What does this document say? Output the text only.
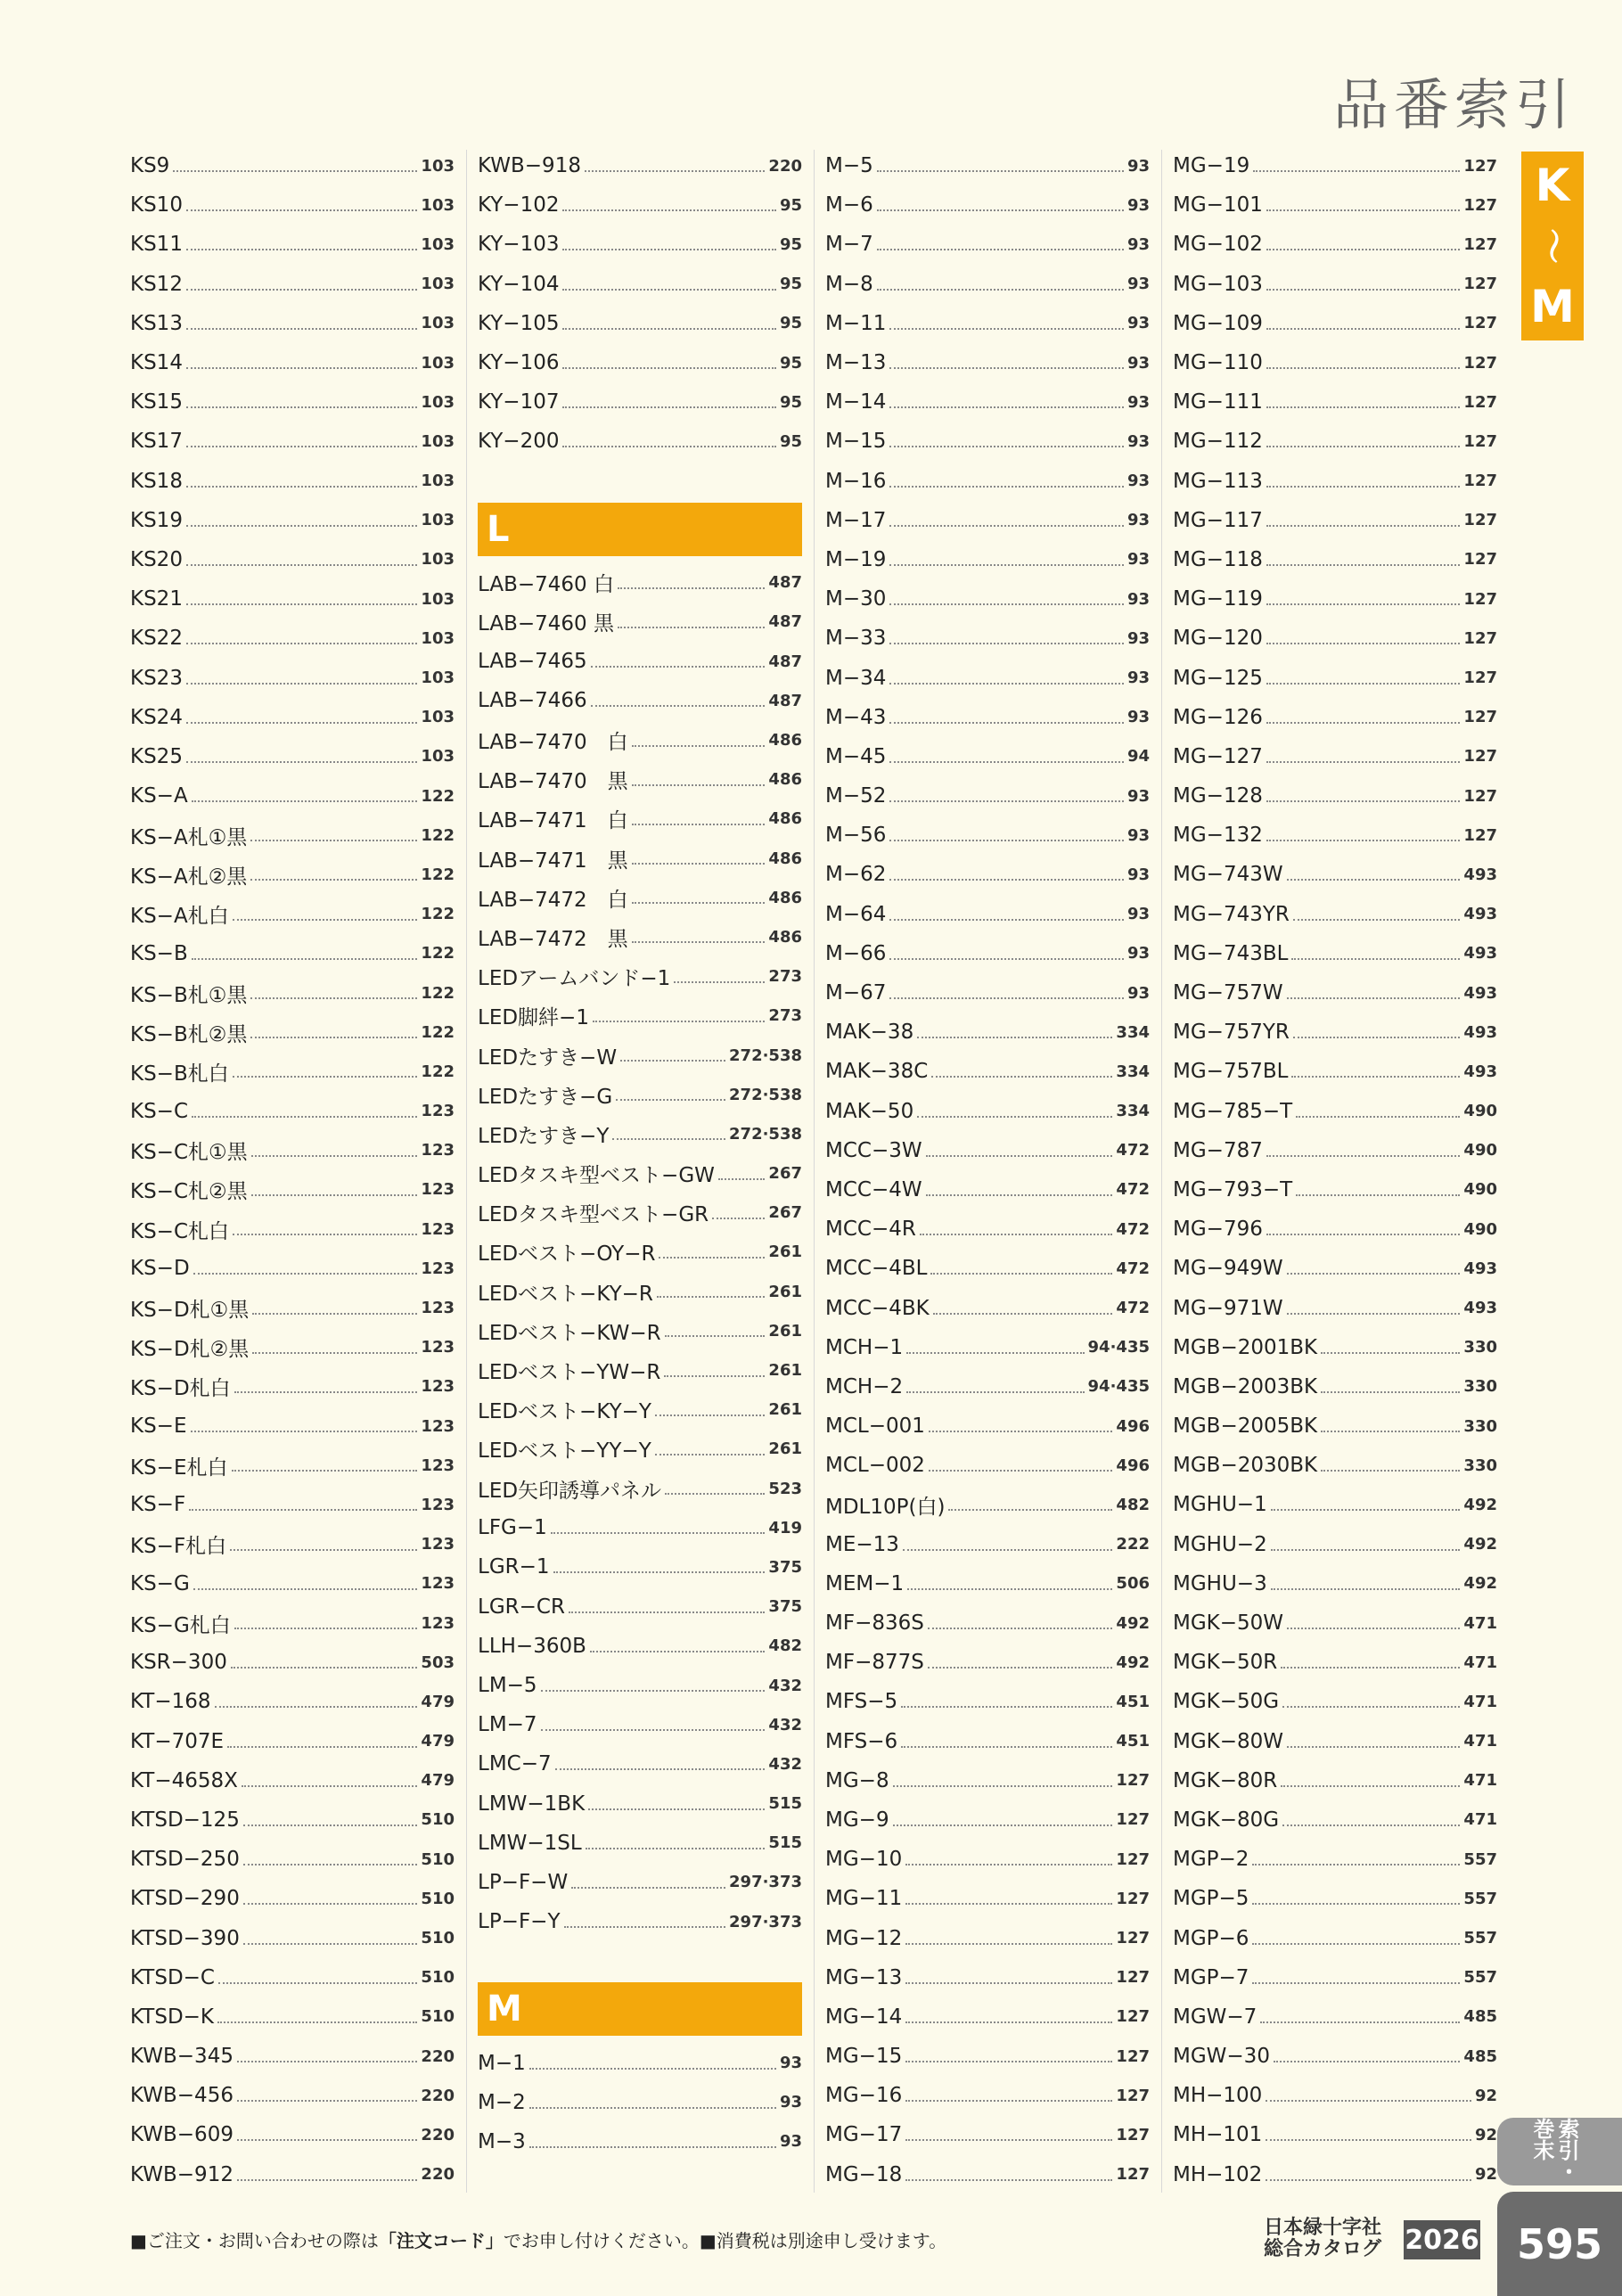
品番索引
K
～
M
KS9	103
KS10	103
KS11	103
KS12	103
KS13	103
KS14	103
KS15	103
KS17	103
KS18	103
KS19	103
KS20	103
KS21	103
KS22	103
KS23	103
KS24	103
KS25	103
KS−A	122
KS−A札①黒	122
KS−A札②黒	122
KS−A札白	122
KS−B	122
KS−B札①黒	122
KS−B札②黒	122
KS−B札白	122
KS−C	123
KS−C札①黒	123
KS−C札②黒	123
KS−C札白	123
KS−D	123
KS−D札①黒	123
KS−D札②黒	123
KS−D札白	123
KS−E	123
KS−E札白	123
KS−F	123
KS−F札白	123
KS−G	123
KS−G札白	123
KSR−300	503
KT−168	479
KT−707E	479
KT−4658X	479
KTSD−125	510
KTSD−250	510
KTSD−290	510
KTSD−390	510
KTSD−C	510
KTSD−K	510
KWB−345	220
KWB−456	220
KWB−609	220
KWB−912	220
KWB−918	220
KY−102	95
KY−103	95
KY−104	95
KY−105	95
KY−106	95
KY−107	95
KY−200	95
L
LAB−7460 白	487
LAB−7460 黒	487
LAB−7465	487
LAB−7466	487
LAB−7470　白	486
LAB−7470　黒	486
LAB−7471　白	486
LAB−7471　黒	486
LAB−7472　白	486
LAB−7472　黒	486
LEDアームバンド−1	273
LED脚絆−1	273
LEDたすき−W	272·538
LEDたすき−G	272·538
LEDたすき−Y	272·538
LEDタスキ型ベスト−GW	267
LEDタスキ型ベスト−GR	267
LEDベスト−OY−R	261
LEDベスト−KY−R	261
LEDベスト−KW−R	261
LEDベスト−YW−R	261
LEDベスト−KY−Y	261
LEDベスト−YY−Y	261
LED矢印誘導パネル	523
LFG−1	419
LGR−1	375
LGR−CR	375
LLH−360B	482
LM−5	432
LM−7	432
LMC−7	432
LMW−1BK	515
LMW−1SL	515
LP−F−W	297·373
LP−F−Y	297·373
M
M−1	93
M−2	93
M−3	93
M−5	93
M−6	93
M−7	93
M−8	93
M−11	93
M−13	93
M−14	93
M−15	93
M−16	93
M−17	93
M−19	93
M−30	93
M−33	93
M−34	93
M−43	93
M−45	94
M−52	93
M−56	93
M−62	93
M−64	93
M−66	93
M−67	93
MAK−38	334
MAK−38C	334
MAK−50	334
MCC−3W	472
MCC−4W	472
MCC−4R	472
MCC−4BL	472
MCC−4BK	472
MCH−1	94·435
MCH−2	94·435
MCL−001	496
MCL−002	496
MDL10P(白)	482
ME−13	222
MEM−1	506
MF−836S	492
MF−877S	492
MFS−5	451
MFS−6	451
MG−8	127
MG−9	127
MG−10	127
MG−11	127
MG−12	127
MG−13	127
MG−14	127
MG−15	127
MG−16	127
MG−17	127
MG−18	127
MG−19	127
MG−101	127
MG−102	127
MG−103	127
MG−109	127
MG−110	127
MG−111	127
MG−112	127
MG−113	127
MG−117	127
MG−118	127
MG−119	127
MG−120	127
MG−125	127
MG−126	127
MG−127	127
MG−128	127
MG−132	127
MG−743W	493
MG−743YR	493
MG−743BL	493
MG−757W	493
MG−757YR	493
MG−757BL	493
MG−785−T	490
MG−787	490
MG−793−T	490
MG−796	490
MG−949W	493
MG−971W	493
MGB−2001BK	330
MGB−2003BK	330
MGB−2005BK	330
MGB−2030BK	330
MGHU−1	492
MGHU−2	492
MGHU−3	492
MGK−50W	471
MGK−50R	471
MGK−50G	471
MGK−80W	471
MGK−80R	471
MGK−80G	471
MGP−2	557
MGP−5	557
MGP−6	557
MGP−7	557
MGW−7	485
MGW−30	485
MH−100	92
MH−101	92
MH−102	92
■ご注文・お問い合わせの際は「注文コード」でお申し付けください。■消費税は別途申し受けます。
日本緑十字社
総合カタログ 2026
索引・巻末
595
